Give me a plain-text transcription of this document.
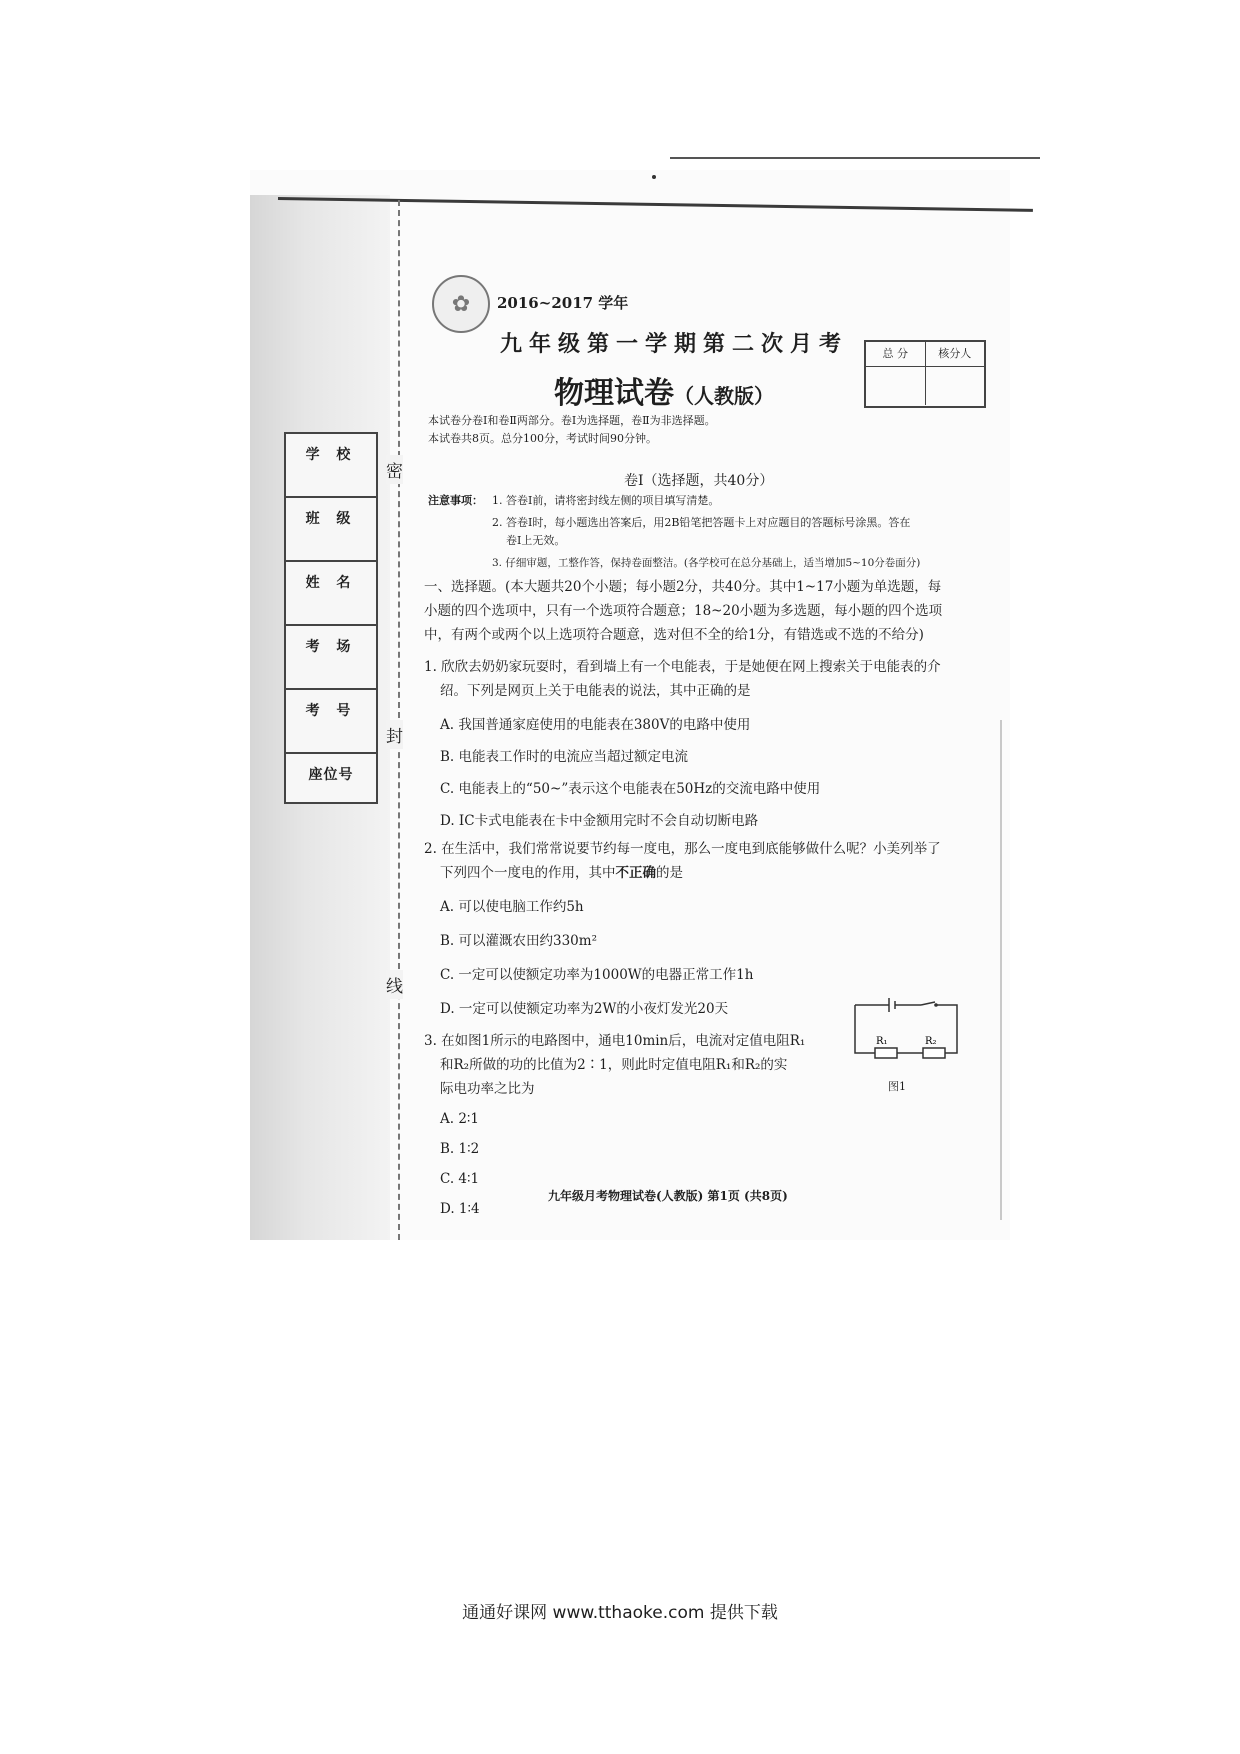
密
封
线
学 校
班 级
姓 名
考 场
考 号
座位号
✿	2016~2017 学年
九年级第一学期第二次月考
物理试卷（人教版）
总 分	核分人
本试卷分卷Ⅰ和卷Ⅱ两部分。卷Ⅰ为选择题，卷Ⅱ为非选择题。
本试卷共8页。总分100分，考试时间90分钟。
卷Ⅰ（选择题，共40分）
注意事项： 1. 答卷Ⅰ前，请将密封线左侧的项目填写清楚。
2. 答卷Ⅰ时，每小题选出答案后，用2B铅笔把答题卡上对应题目的答题标号涂黑。答在
卷Ⅰ上无效。
3. 仔细审题，工整作答，保持卷面整洁。(各学校可在总分基础上，适当增加5~10分卷面分)
一、选择题。(本大题共20个小题；每小题2分，共40分。其中1~17小题为单选题，每
小题的四个选项中，只有一个选项符合题意；18~20小题为多选题，每小题的四个选项
中，有两个或两个以上选项符合题意，选对但不全的给1分，有错选或不选的不给分)
1. 欣欣去奶奶家玩耍时，看到墙上有一个电能表，于是她便在网上搜索关于电能表的介
绍。下列是网页上关于电能表的说法，其中正确的是
A. 我国普通家庭使用的电能表在380V的电路中使用
B. 电能表工作时的电流应当超过额定电流
C. 电能表上的“50~”表示这个电能表在50Hz的交流电路中使用
D. IC卡式电能表在卡中金额用完时不会自动切断电路
2. 在生活中，我们常常说要节约每一度电，那么一度电到底能够做什么呢？小美列举了
下列四个一度电的作用，其中不正确的是
A. 可以使电脑工作约5h
B. 可以灌溉农田约330m²
C. 一定可以使额定功率为1000W的电器正常工作1h
D. 一定可以使额定功率为2W的小夜灯发光20天
3. 在如图1所示的电路图中，通电10min后，电流对定值电阻R₁
和R₂所做的功的比值为2∶1，则此时定值电阻R₁和R₂的实
际电功率之比为
A. 2∶1
B. 1∶2
C. 4∶1
D. 1∶4
R₁	R₂
图1
九年级月考物理试卷(人教版) 第1页 (共8页)
通通好课网 www.tthaoke.com 提供下载
